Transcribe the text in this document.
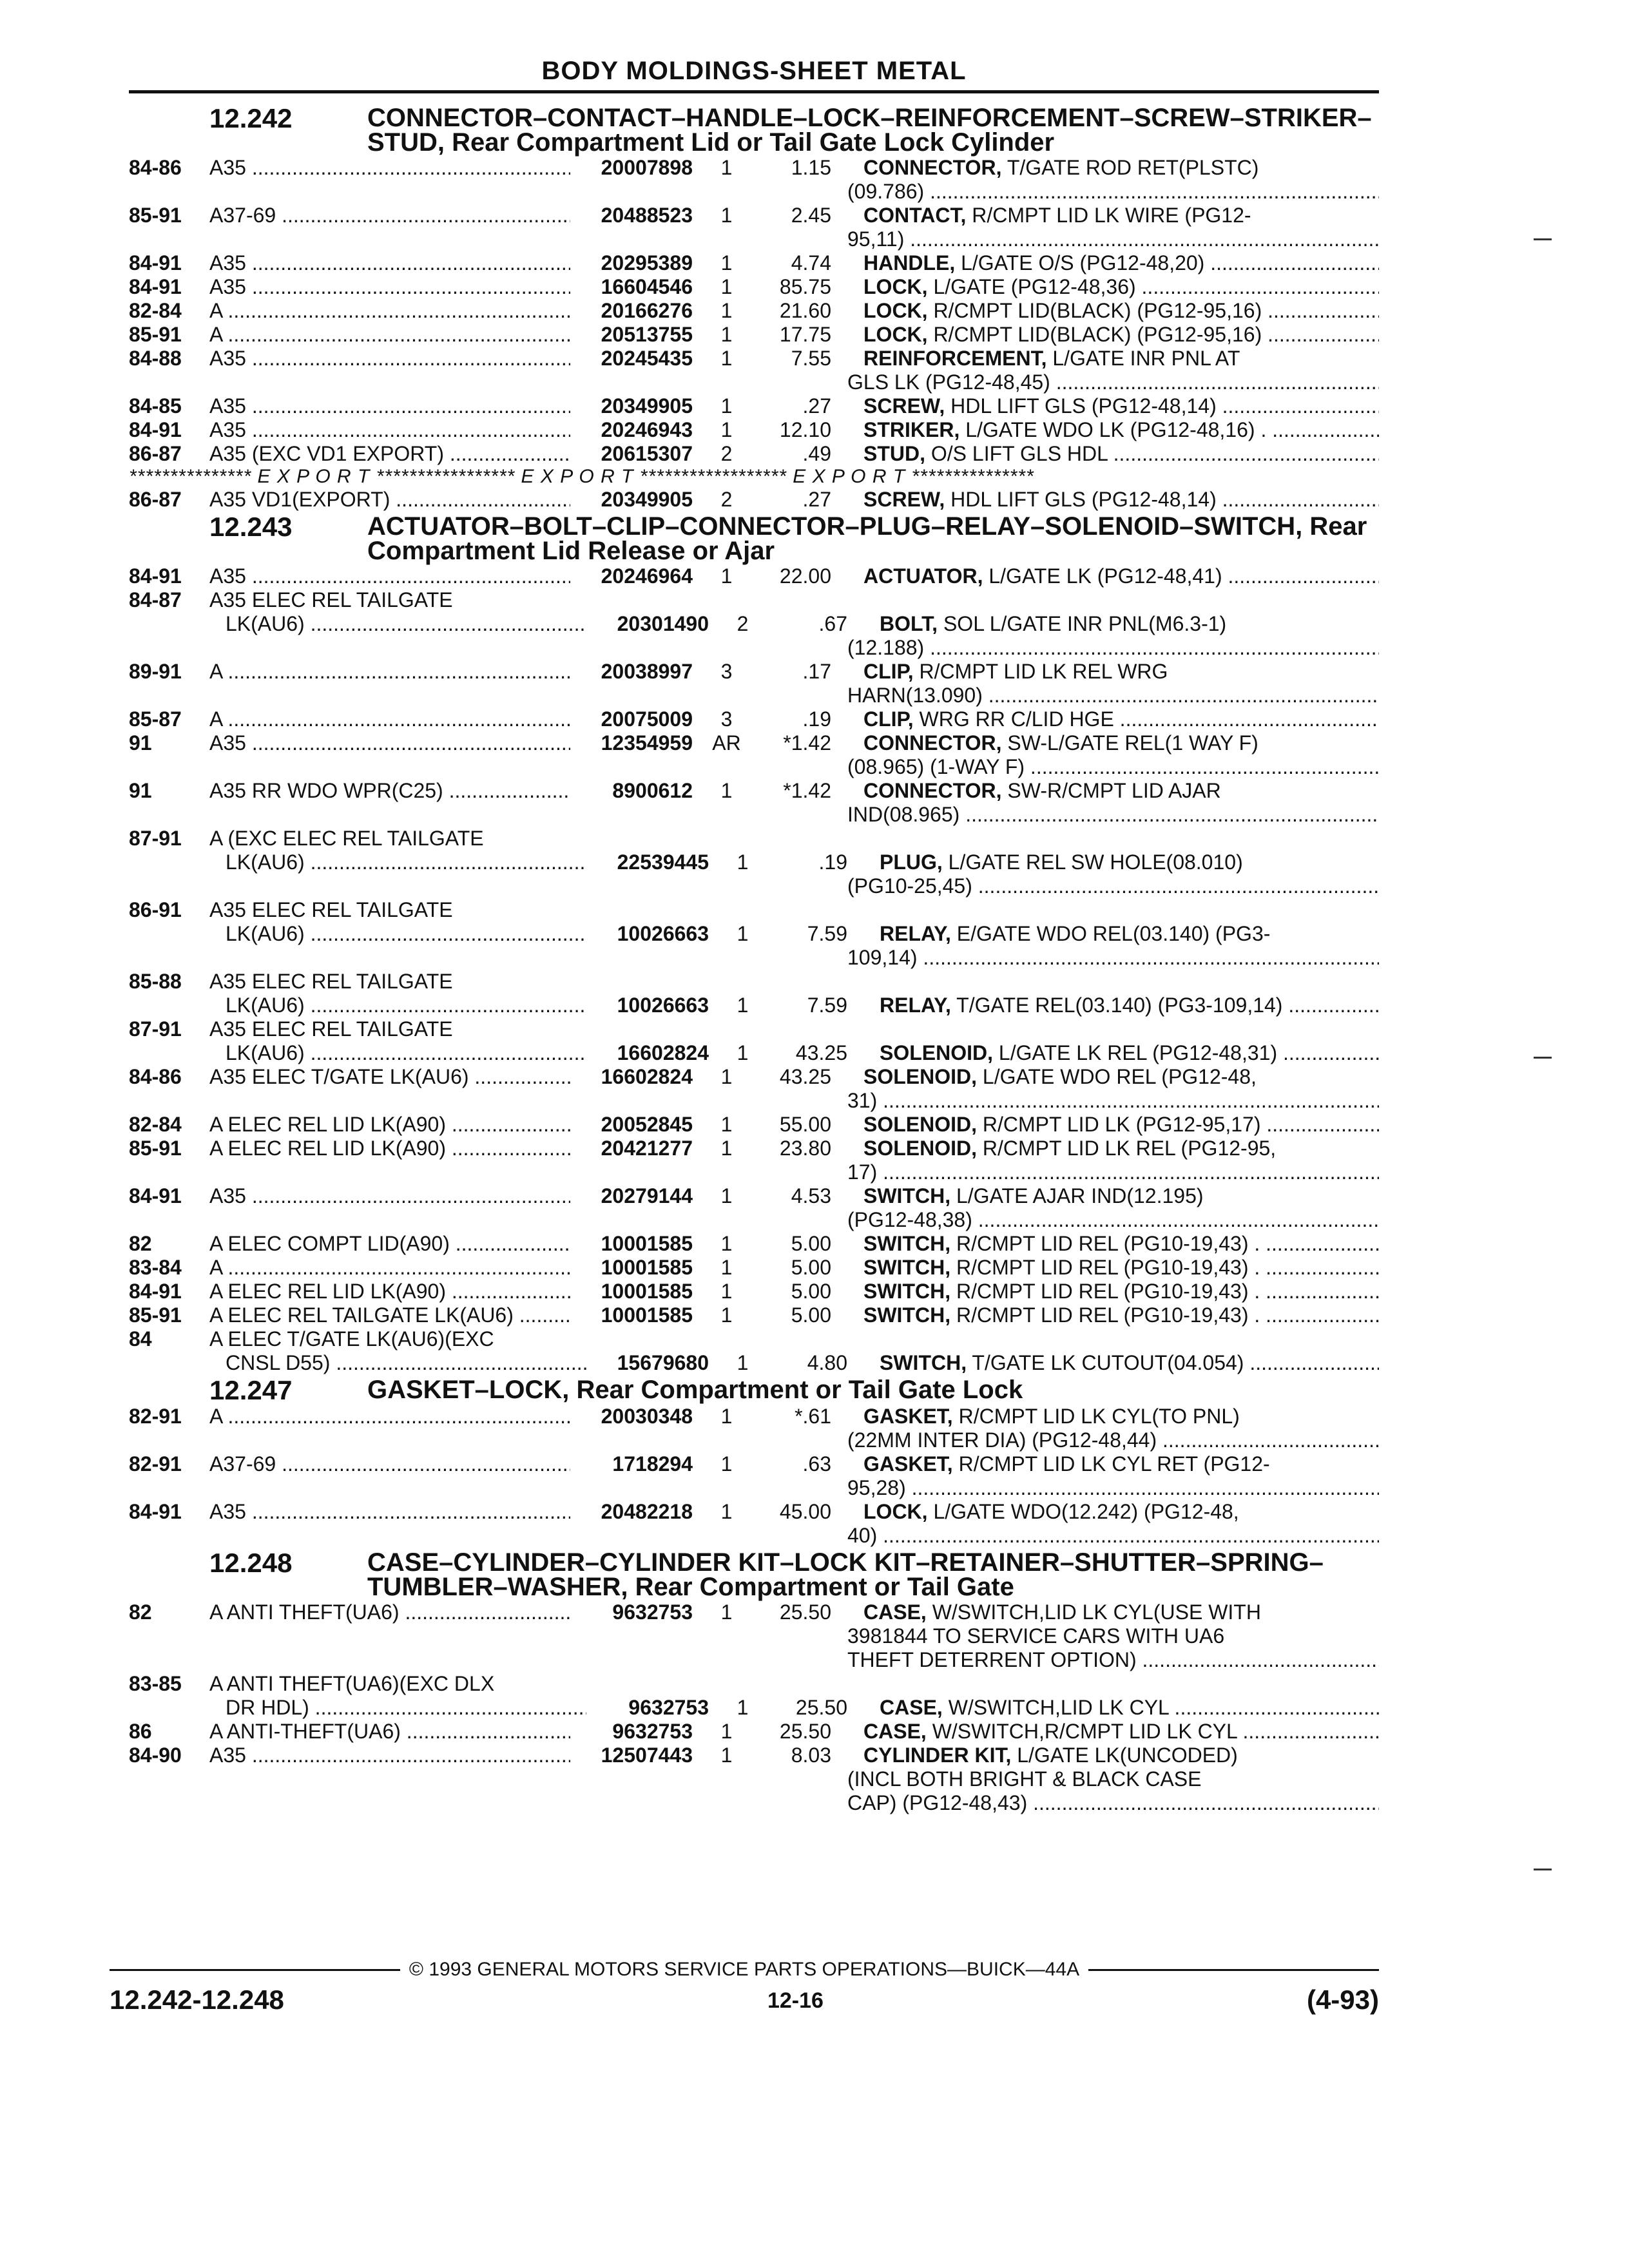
BODY MOLDINGS-SHEET METAL
12.242	CONNECTOR–CONTACT–HANDLE–LOCK–REINFORCEMENT–SCREW–STRIKER–STUD, Rear Compartment Lid or Tail Gate Lock Cylinder
84-86	A35 .....	20007898	1	1.15	CONNECTOR, T/GATE ROD RET(PLSTC)
(09.786) .....
85-91	A37-69 .....	20488523	1	2.45	CONTACT, R/CMPT LID LK WIRE (PG12-
95,11) .....
84-91	A35 .....	20295389	1	4.74	HANDLE, L/GATE O/S (PG12-48,20) .....
84-91	A35 .....	16604546	1	85.75	LOCK, L/GATE (PG12-48,36) .....
82-84	A .....	20166276	1	21.60	LOCK, R/CMPT LID(BLACK) (PG12-95,16) .....
85-91	A .....	20513755	1	17.75	LOCK, R/CMPT LID(BLACK) (PG12-95,16) .....
84-88	A35 .....	20245435	1	7.55	REINFORCEMENT, L/GATE INR PNL AT
GLS LK (PG12-48,45) .....
84-85	A35 .....	20349905	1	.27	SCREW, HDL LIFT GLS (PG12-48,14) .....
84-91	A35 .....	20246943	1	12.10	STRIKER, L/GATE WDO LK (PG12-48,16) . .....
86-87	A35 (EXC VD1 EXPORT) .....	20615307	2	.49	STUD, O/S LIFT GLS HDL .....
*************** E X P O R T ***************** E X P O R T ****************** E X P O R T ***************
86-87	A35 VD1(EXPORT) .....	20349905	2	.27	SCREW, HDL LIFT GLS (PG12-48,14) .....
12.243	ACTUATOR–BOLT–CLIP–CONNECTOR–PLUG–RELAY–SOLENOID–SWITCH, Rear Compartment Lid Release or Ajar
84-91	A35 .....	20246964	1	22.00	ACTUATOR, L/GATE LK (PG12-48,41) .....
84-87	A35 ELEC REL TAILGATE
LK(AU6) .....	20301490	2	.67	BOLT, SOL L/GATE INR PNL(M6.3-1)
(12.188) .....
89-91	A .....	20038997	3	.17	CLIP, R/CMPT LID LK REL WRG
HARN(13.090) .....
85-87	A .....	20075009	3	.19	CLIP, WRG RR C/LID HGE .....
91	A35 .....	12354959 AR	*1.42	CONNECTOR, SW-L/GATE REL(1 WAY F)
(08.965) (1-WAY F) .....
91	A35 RR WDO WPR(C25) .....	8900612	1	*1.42	CONNECTOR, SW-R/CMPT LID AJAR
IND(08.965) .....
87-91	A (EXC ELEC REL TAILGATE
LK(AU6) .....	22539445	1	.19	PLUG, L/GATE REL SW HOLE(08.010)
(PG10-25,45) .....
86-91	A35 ELEC REL TAILGATE
LK(AU6) .....	10026663	1	7.59	RELAY, E/GATE WDO REL(03.140) (PG3-
109,14) .....
85-88	A35 ELEC REL TAILGATE
LK(AU6) .....	10026663	1	7.59	RELAY, T/GATE REL(03.140) (PG3-109,14) .....
87-91	A35 ELEC REL TAILGATE
LK(AU6) .....	16602824	1	43.25	SOLENOID, L/GATE LK REL (PG12-48,31) .....
84-86	A35 ELEC T/GATE LK(AU6) .....	16602824	1	43.25	SOLENOID, L/GATE WDO REL (PG12-48,
31) .....
82-84	A ELEC REL LID LK(A90) .....	20052845	1	55.00	SOLENOID, R/CMPT LID LK (PG12-95,17) .....
85-91	A ELEC REL LID LK(A90) .....	20421277	1	23.80	SOLENOID, R/CMPT LID LK REL (PG12-95,
17) .....
84-91	A35 .....	20279144	1	4.53	SWITCH, L/GATE AJAR IND(12.195)
(PG12-48,38) .....
82	A ELEC COMPT LID(A90) .....	10001585	1	5.00	SWITCH, R/CMPT LID REL (PG10-19,43) . .....
83-84	A .....	10001585	1	5.00	SWITCH, R/CMPT LID REL (PG10-19,43) . .....
84-91	A ELEC REL LID LK(A90) .....	10001585	1	5.00	SWITCH, R/CMPT LID REL (PG10-19,43) . .....
85-91	A ELEC REL TAILGATE LK(AU6) .....	10001585	1	5.00	SWITCH, R/CMPT LID REL (PG10-19,43) . .....
84	A ELEC T/GATE LK(AU6)(EXC
CNSL D55) .....	15679680	1	4.80	SWITCH, T/GATE LK CUTOUT(04.054) .....
12.247	GASKET–LOCK, Rear Compartment or Tail Gate Lock
82-91	A .....	20030348	1	*.61	GASKET, R/CMPT LID LK CYL(TO PNL)
(22MM INTER DIA) (PG12-48,44) .....
82-91	A37-69 .....	1718294	1	.63	GASKET, R/CMPT LID LK CYL RET (PG12-
95,28) .....
84-91	A35 .....	20482218	1	45.00	LOCK, L/GATE WDO(12.242) (PG12-48,
40) .....
12.248	CASE–CYLINDER–CYLINDER KIT–LOCK KIT–RETAINER–SHUTTER–SPRING–TUMBLER–WASHER, Rear Compartment or Tail Gate
82	A ANTI THEFT(UA6) .....	9632753	1	25.50	CASE, W/SWITCH,LID LK CYL(USE WITH
3981844 TO SERVICE CARS WITH UA6
THEFT DETERRENT OPTION) .....
83-85	A ANTI THEFT(UA6)(EXC DLX
DR HDL) .....	9632753	1	25.50	CASE, W/SWITCH,LID LK CYL .....
86	A ANTI-THEFT(UA6) .....	9632753	1	25.50	CASE, W/SWITCH,R/CMPT LID LK CYL .....
84-90	A35 .....	12507443	1	8.03	CYLINDER KIT, L/GATE LK(UNCODED)
(INCL BOTH BRIGHT & BLACK CASE
CAP) (PG12-48,43) .....
© 1993 GENERAL MOTORS SERVICE PARTS OPERATIONS—BUICK—44A
12.242-12.248	12-16	(4-93)
